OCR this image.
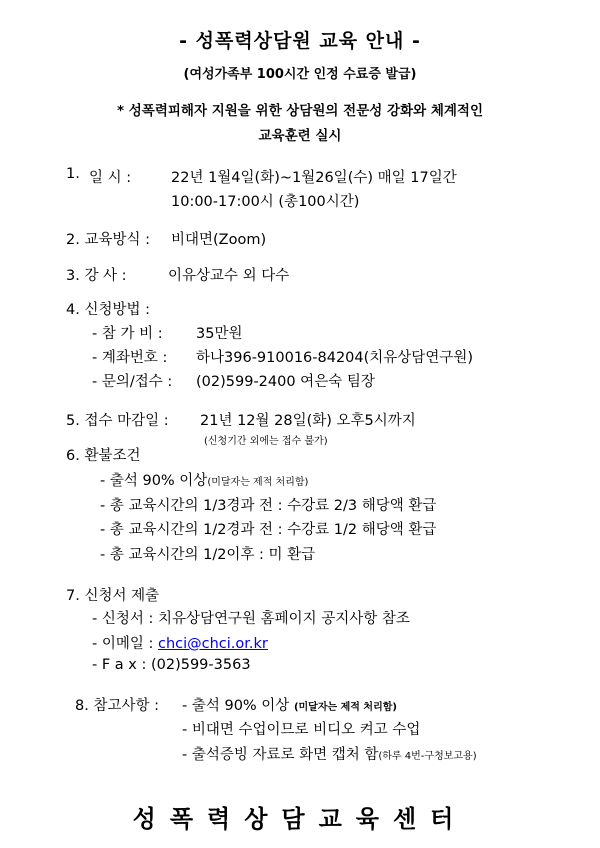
- 성폭력상담원 교육 안내 -
(여성가족부 100시간 인정 수료증 발급)
* 성폭력피해자 지원을 위한 상담원의 전문성 강화와 체계적인
교육훈련 실시
1. 일 시 :	22년 1월4일(화)~1월26일(수) 매일 17일간
10:00-17:00시 (총100시간)
2. 교육방식 : 비대면(Zoom)
3. 강 사 :	이유상교수 외 다수
4. 신청방법 :
- 참 가 비 : 35만원
- 계좌번호 : 하나396-910016-84204(치유상담연구원)
- 문의/접수 : (02)599-2400 여은숙 팀장
5. 접수 마감일 : 21년 12월 28일(화) 오후5시까지
(신청기간 외에는 접수 불가)
6. 환불조건
- 출석 90% 이상(미달자는 제적 처리함)
- 총 교육시간의 1/3경과 전 : 수강료 2/3 해당액 환급
- 총 교육시간의 1/2경과 전 : 수강료 1/2 해당액 환급
- 총 교육시간의 1/2이후 : 미 환급
7. 신청서 제출
- 신청서 : 치유상담연구원 홈페이지 공지사항 참조
- 이메일 : chci@chci.or.kr
- F a x : (02)599-3563
8. 참고사항 : - 출석 90% 이상 (미달자는 제적 처리함)
- 비대면 수업이므로 비디오 켜고 수업
- 출석증빙 자료로 화면 캡처 함(하루 4번-구청보고용)
성폭력상담교육센터
